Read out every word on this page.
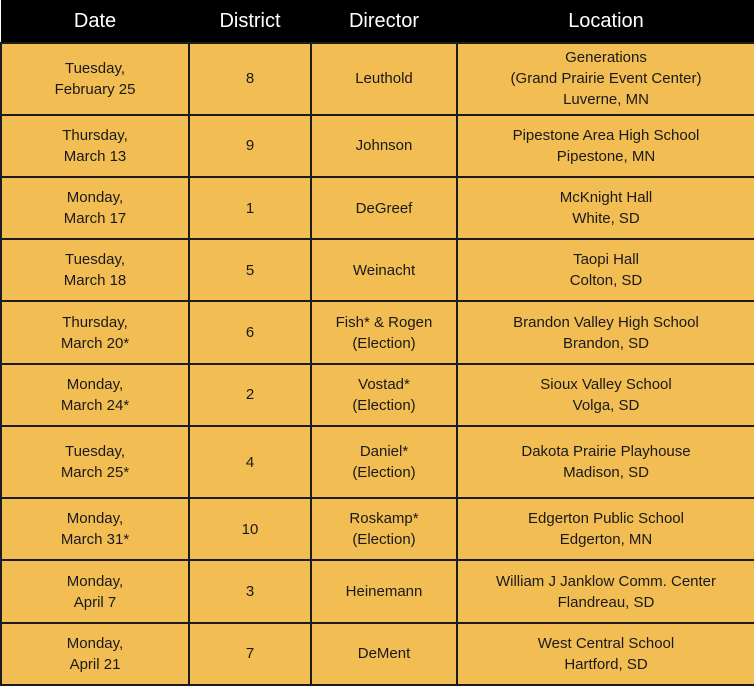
Date	District	Director	Location

Tuesday,
February 25	8	Leuthold	Generations
(Grand Prairie Event Center)
Luverne, MN

Thursday,
March 13	9	Johnson	Pipestone Area High School
Pipestone, MN

Monday,
March 17	1	DeGreef	McKnight Hall
White, SD

Tuesday,
March 18	5	Weinacht	Taopi Hall
Colton, SD

Thursday,
March 20*	6	Fish* & Rogen
(Election)	Brandon Valley High School
Brandon, SD

Monday,
March 24*	2	Vostad*
(Election)	Sioux Valley School
Volga, SD

Tuesday,
March 25*	4	Daniel*
(Election)	Dakota Prairie Playhouse
Madison, SD

Monday,
March 31*	10	Roskamp*
(Election)	Edgerton Public School
Edgerton, MN

Monday,
April 7	3	Heinemann	William J Janklow Comm. Center
Flandreau, SD

Monday,
April 21	7	DeMent	West Central School
Hartford, SD
